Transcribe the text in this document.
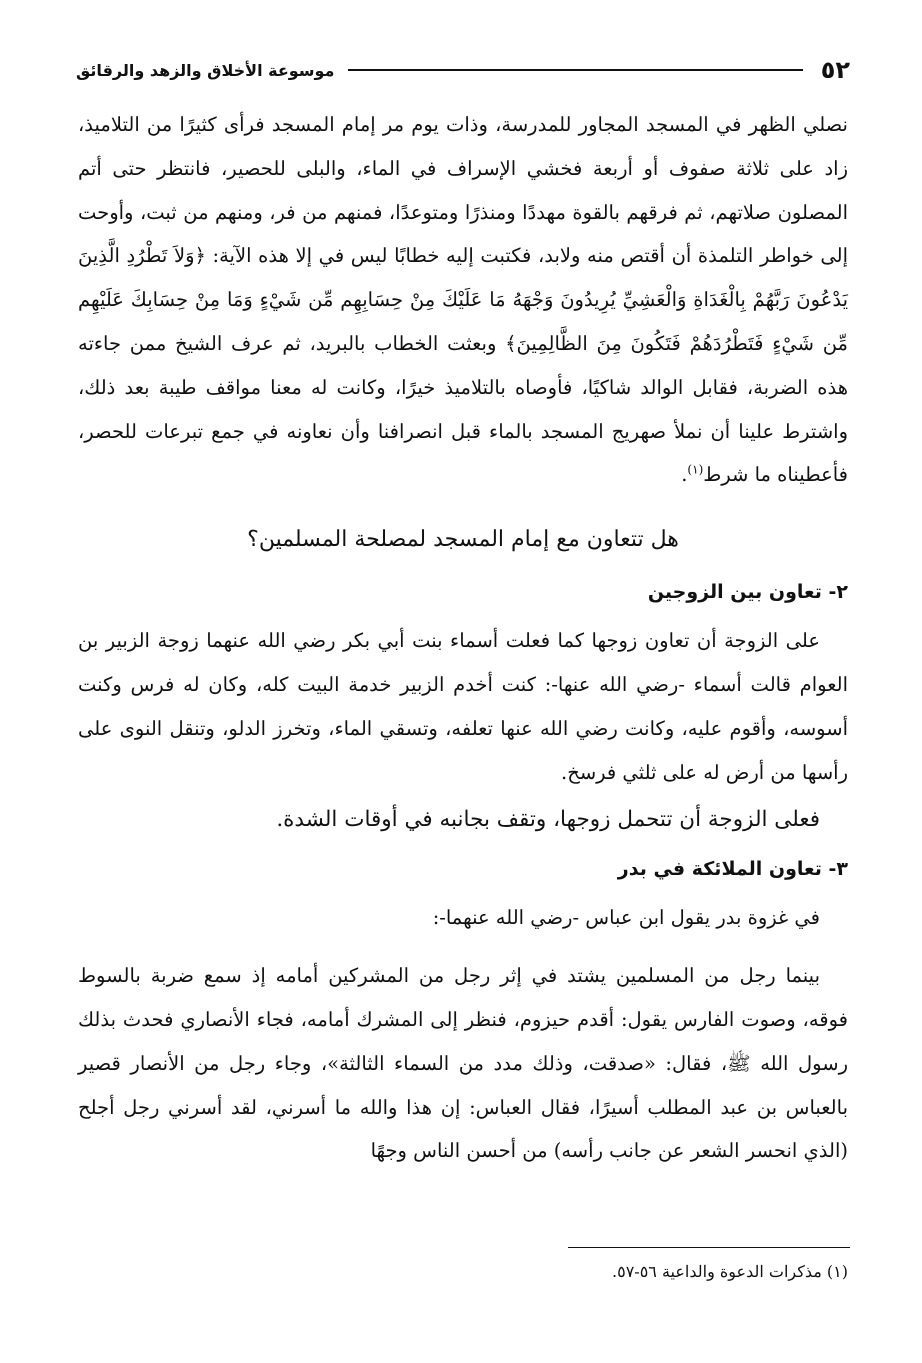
٥٢
موسوعة الأخلاق والزهد والرقائق

نصلي الظهر في المسجد المجاور للمدرسة، وذات يوم مر إمام المسجد فرأى كثيرًا من التلاميذ، زاد على ثلاثة صفوف أو أربعة فخشي الإسراف في الماء، والبلى للحصير، فانتظر حتى أتم المصلون صلاتهم، ثم فرقهم بالقوة مهددًا ومنذرًا ومتوعدًا، فمنهم من فر، ومنهم من ثبت، وأوحت إلى خواطر التلمذة أن أقتص منه ولابد، فكتبت إليه خطابًا ليس في إلا هذه الآية: ﴿وَلاَ تَطْرُدِ الَّذِينَ يَدْعُونَ رَبَّهُمْ بِالْغَدَاةِ وَالْعَشِيِّ يُرِيدُونَ وَجْهَهُ مَا عَلَيْكَ مِنْ حِسَابِهِم مِّن شَيْءٍ وَمَا مِنْ حِسَابِكَ عَلَيْهِم مِّن شَيْءٍ فَتَطْرُدَهُمْ فَتَكُونَ مِنَ الظَّالِمِينَ﴾ وبعثت الخطاب بالبريد، ثم عرف الشيخ ممن جاءته هذه الضربة، فقابل الوالد شاكيًا، فأوصاه بالتلاميذ خيرًا، وكانت له معنا مواقف طيبة بعد ذلك، واشترط علينا أن نملأ صهريج المسجد بالماء قبل انصرافنا وأن نعاونه في جمع تبرعات للحصر، فأعطيناه ما شرط$^{(١)}$.

هل تتعاون مع إمام المسجد لمصلحة المسلمين؟

٢- تعاون بين الزوجين

على الزوجة أن تعاون زوجها كما فعلت أسماء بنت أبي بكر رضي الله عنهما زوجة الزبير بن العوام قالت أسماء -رضي الله عنها-: كنت أخدم الزبير خدمة البيت كله، وكان له فرس وكنت أسوسه، وأقوم عليه، وكانت رضي الله عنها تعلفه، وتسقي الماء، وتخرز الدلو، وتنقل النوى على رأسها من أرض له على ثلثي فرسخ.

فعلى الزوجة أن تتحمل زوجها، وتقف بجانبه في أوقات الشدة.

٣- تعاون الملائكة في بدر

في غزوة بدر يقول ابن عباس -رضي الله عنهما-:

بينما رجل من المسلمين يشتد في إثر رجل من المشركين أمامه إذ سمع ضربة بالسوط فوقه، وصوت الفارس يقول: أقدم حيزوم، فنظر إلى المشرك أمامه، فجاء الأنصاري فحدث بذلك رسول الله ﷺ، فقال: «صدقت، وذلك مدد من السماء الثالثة»، وجاء رجل من الأنصار قصير بالعباس بن عبد المطلب أسيرًا، فقال العباس: إن هذا والله ما أسرني، لقد أسرني رجل أجلح (الذي انحسر الشعر عن جانب رأسه) من أحسن الناس وجهًا

(١) مذكرات الدعوة والداعية ٥٦-٥٧.
